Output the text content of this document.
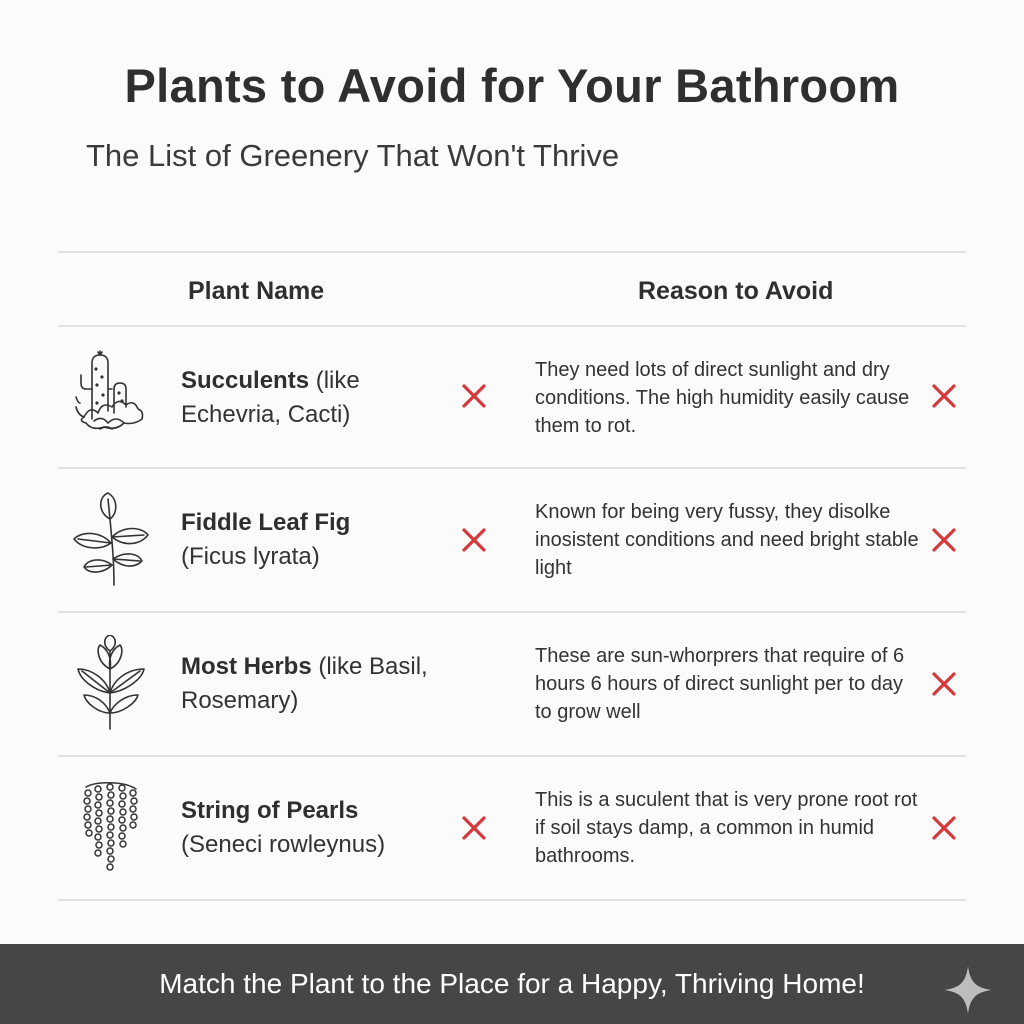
Plants to Avoid for Your Bathroom
The List of Greenery That Won't Thrive
Plant Name	Reason to Avoid
Succulents (like
Echevria, Cacti)
They need lots of direct sunlight and dry conditions. The high humidity easily cause them to rot.
Fiddle Leaf Fig
(Ficus lyrata)
Known for being very fussy, they disolke inosistent conditions and need bright stable light
Most Herbs (like Basil,
Rosemary)
These are sun-whorprers that require of 6 hours 6 hours of direct sunlight per to day to grow well
String of Pearls
(Seneci rowleynus)
This is a suculent that is very prone root rot if soil stays damp, a common in humid bathrooms.
Match the Plant to the Place for a Happy, Thriving Home!
